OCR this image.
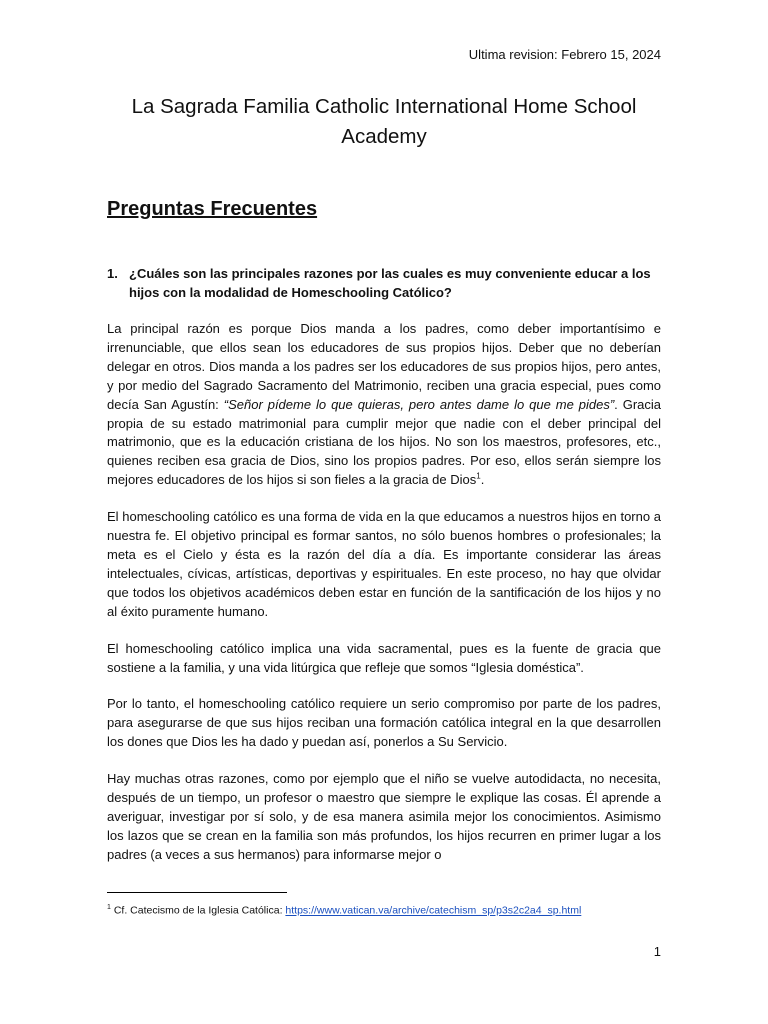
Ultima revision: Febrero 15, 2024

La Sagrada Familia Catholic International Home School Academy
Preguntas Frecuentes
1. ¿Cuáles son las principales razones por las cuales es muy conveniente educar a los hijos con la modalidad de Homeschooling Católico?

La principal razón es porque Dios manda a los padres, como deber importantísimo e irrenunciable, que ellos sean los educadores de sus propios hijos. Deber que no deberían delegar en otros. Dios manda a los padres ser los educadores de sus propios hijos, pero antes, y por medio del Sagrado Sacramento del Matrimonio, reciben una gracia especial, pues como decía San Agustín: “Señor pídeme lo que quieras, pero antes dame lo que me pides”. Gracia propia de su estado matrimonial para cumplir mejor que nadie con el deber principal del matrimonio, que es la educación cristiana de los hijos. No son los maestros, profesores, etc., quienes reciben esa gracia de Dios, sino los propios padres. Por eso, ellos serán siempre los mejores educadores de los hijos si son fieles a la gracia de Dios$^1$.

El homeschooling católico es una forma de vida en la que educamos a nuestros hijos en torno a nuestra fe. El objetivo principal es formar santos, no sólo buenos hombres o profesionales; la meta es el Cielo y ésta es la razón del día a día. Es importante considerar las áreas intelectuales, cívicas, artísticas, deportivas y espirituales. En este proceso, no hay que olvidar que todos los objetivos académicos deben estar en función de la santificación de los hijos y no al éxito puramente humano.

El homeschooling católico implica una vida sacramental, pues es la fuente de gracia que sostiene a la familia, y una vida litúrgica que refleje que somos “Iglesia doméstica”.

Por lo tanto, el homeschooling católico requiere un serio compromiso por parte de los padres, para asegurarse de que sus hijos reciban una formación católica integral en la que desarrollen los dones que Dios les ha dado y puedan así, ponerlos a Su Servicio.

Hay muchas otras razones, como por ejemplo que el niño se vuelve autodidacta, no necesita, después de un tiempo, un profesor o maestro que siempre le explique las cosas. Él aprende a averiguar, investigar por sí solo, y de esa manera asimila mejor los conocimientos. Asimismo los lazos que se crean en la familia son más profundos, los hijos recurren en primer lugar a los padres (a veces a sus hermanos) para informarse mejor o

$^1$ Cf. Catecismo de la Iglesia Católica: https://www.vatican.va/archive/catechism_sp/p3s2c2a4_sp.html

1
